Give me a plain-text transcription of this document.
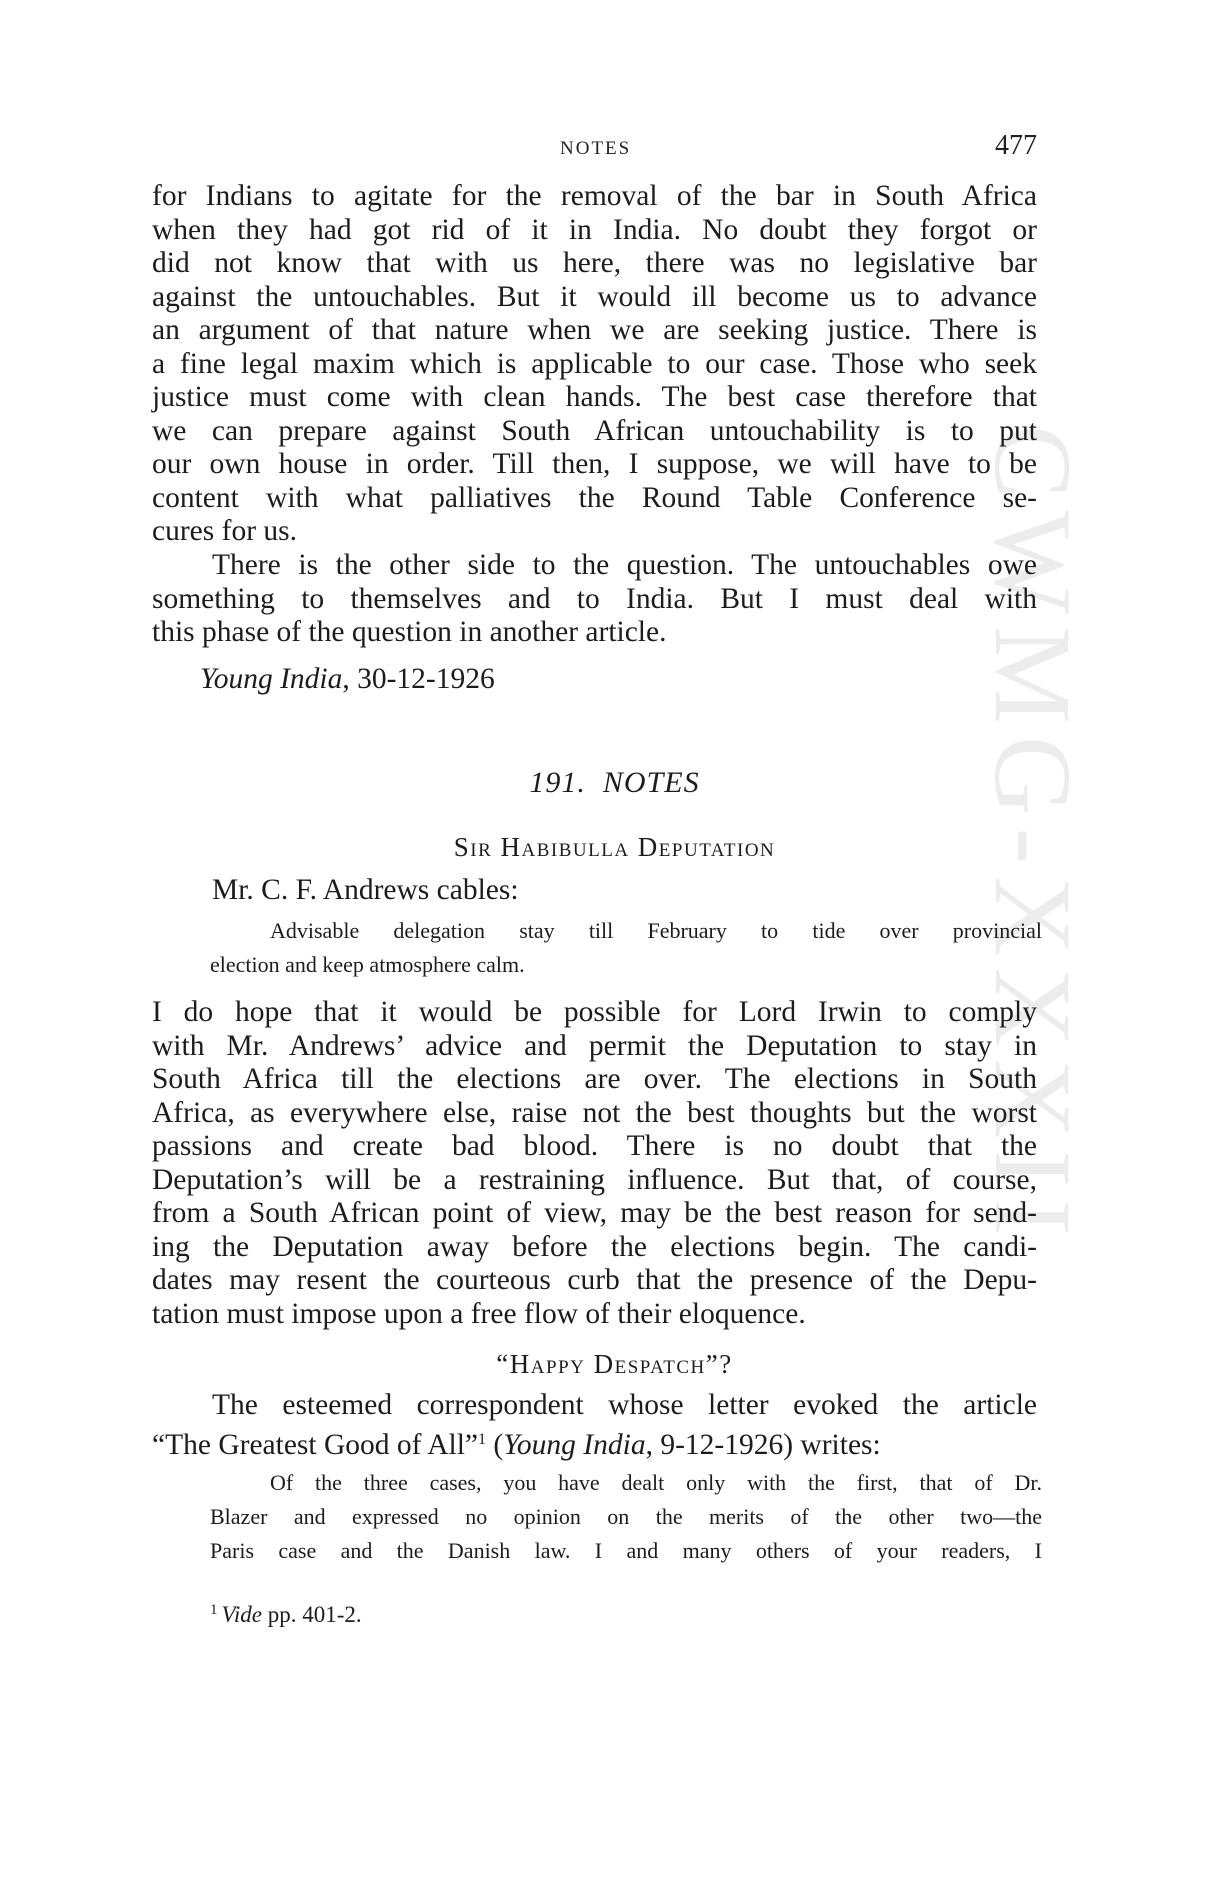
CWMG-XXXII
NOTES	477
for Indians to agitate for the removal of the bar in South Africa
when they had got rid of it in India. No doubt they forgot or
did not know that with us here, there was no legislative bar
against the untouchables. But it would ill become us to advance
an argument of that nature when we are seeking justice. There is
a fine legal maxim which is applicable to our case. Those who seek
justice must come with clean hands. The best case therefore that
we can prepare against South African untouchability is to put
our own house in order. Till then, I suppose, we will have to be
content with what palliatives the Round Table Conference se-
cures for us.
There is the other side to the question. The untouchables owe
something to themselves and to India. But I must deal with
this phase of the question in another article.
Young India, 30-12-1926
191. NOTES
Sir Habibulla Deputation
Mr. C. F. Andrews cables:
Advisable delegation stay till February to tide over provincial
election and keep atmosphere calm.
I do hope that it would be possible for Lord Irwin to comply
with Mr. Andrews’ advice and permit the Deputation to stay in
South Africa till the elections are over. The elections in South
Africa, as everywhere else, raise not the best thoughts but the worst
passions and create bad blood. There is no doubt that the
Deputation’s will be a restraining influence. But that, of course,
from a South African point of view, may be the best reason for send-
ing the Deputation away before the elections begin. The candi-
dates may resent the courteous curb that the presence of the Depu-
tation must impose upon a free flow of their eloquence.
“Happy Despatch”?
The esteemed correspondent whose letter evoked the article
“The Greatest Good of All”$^1$ (Young India, 9-12-1926) writes:
Of the three cases, you have dealt only with the first, that of Dr.
Blazer and expressed no opinion on the merits of the other two—the
Paris case and the Danish law. I and many others of your readers, I
$^1$ Vide pp. 401-2.
